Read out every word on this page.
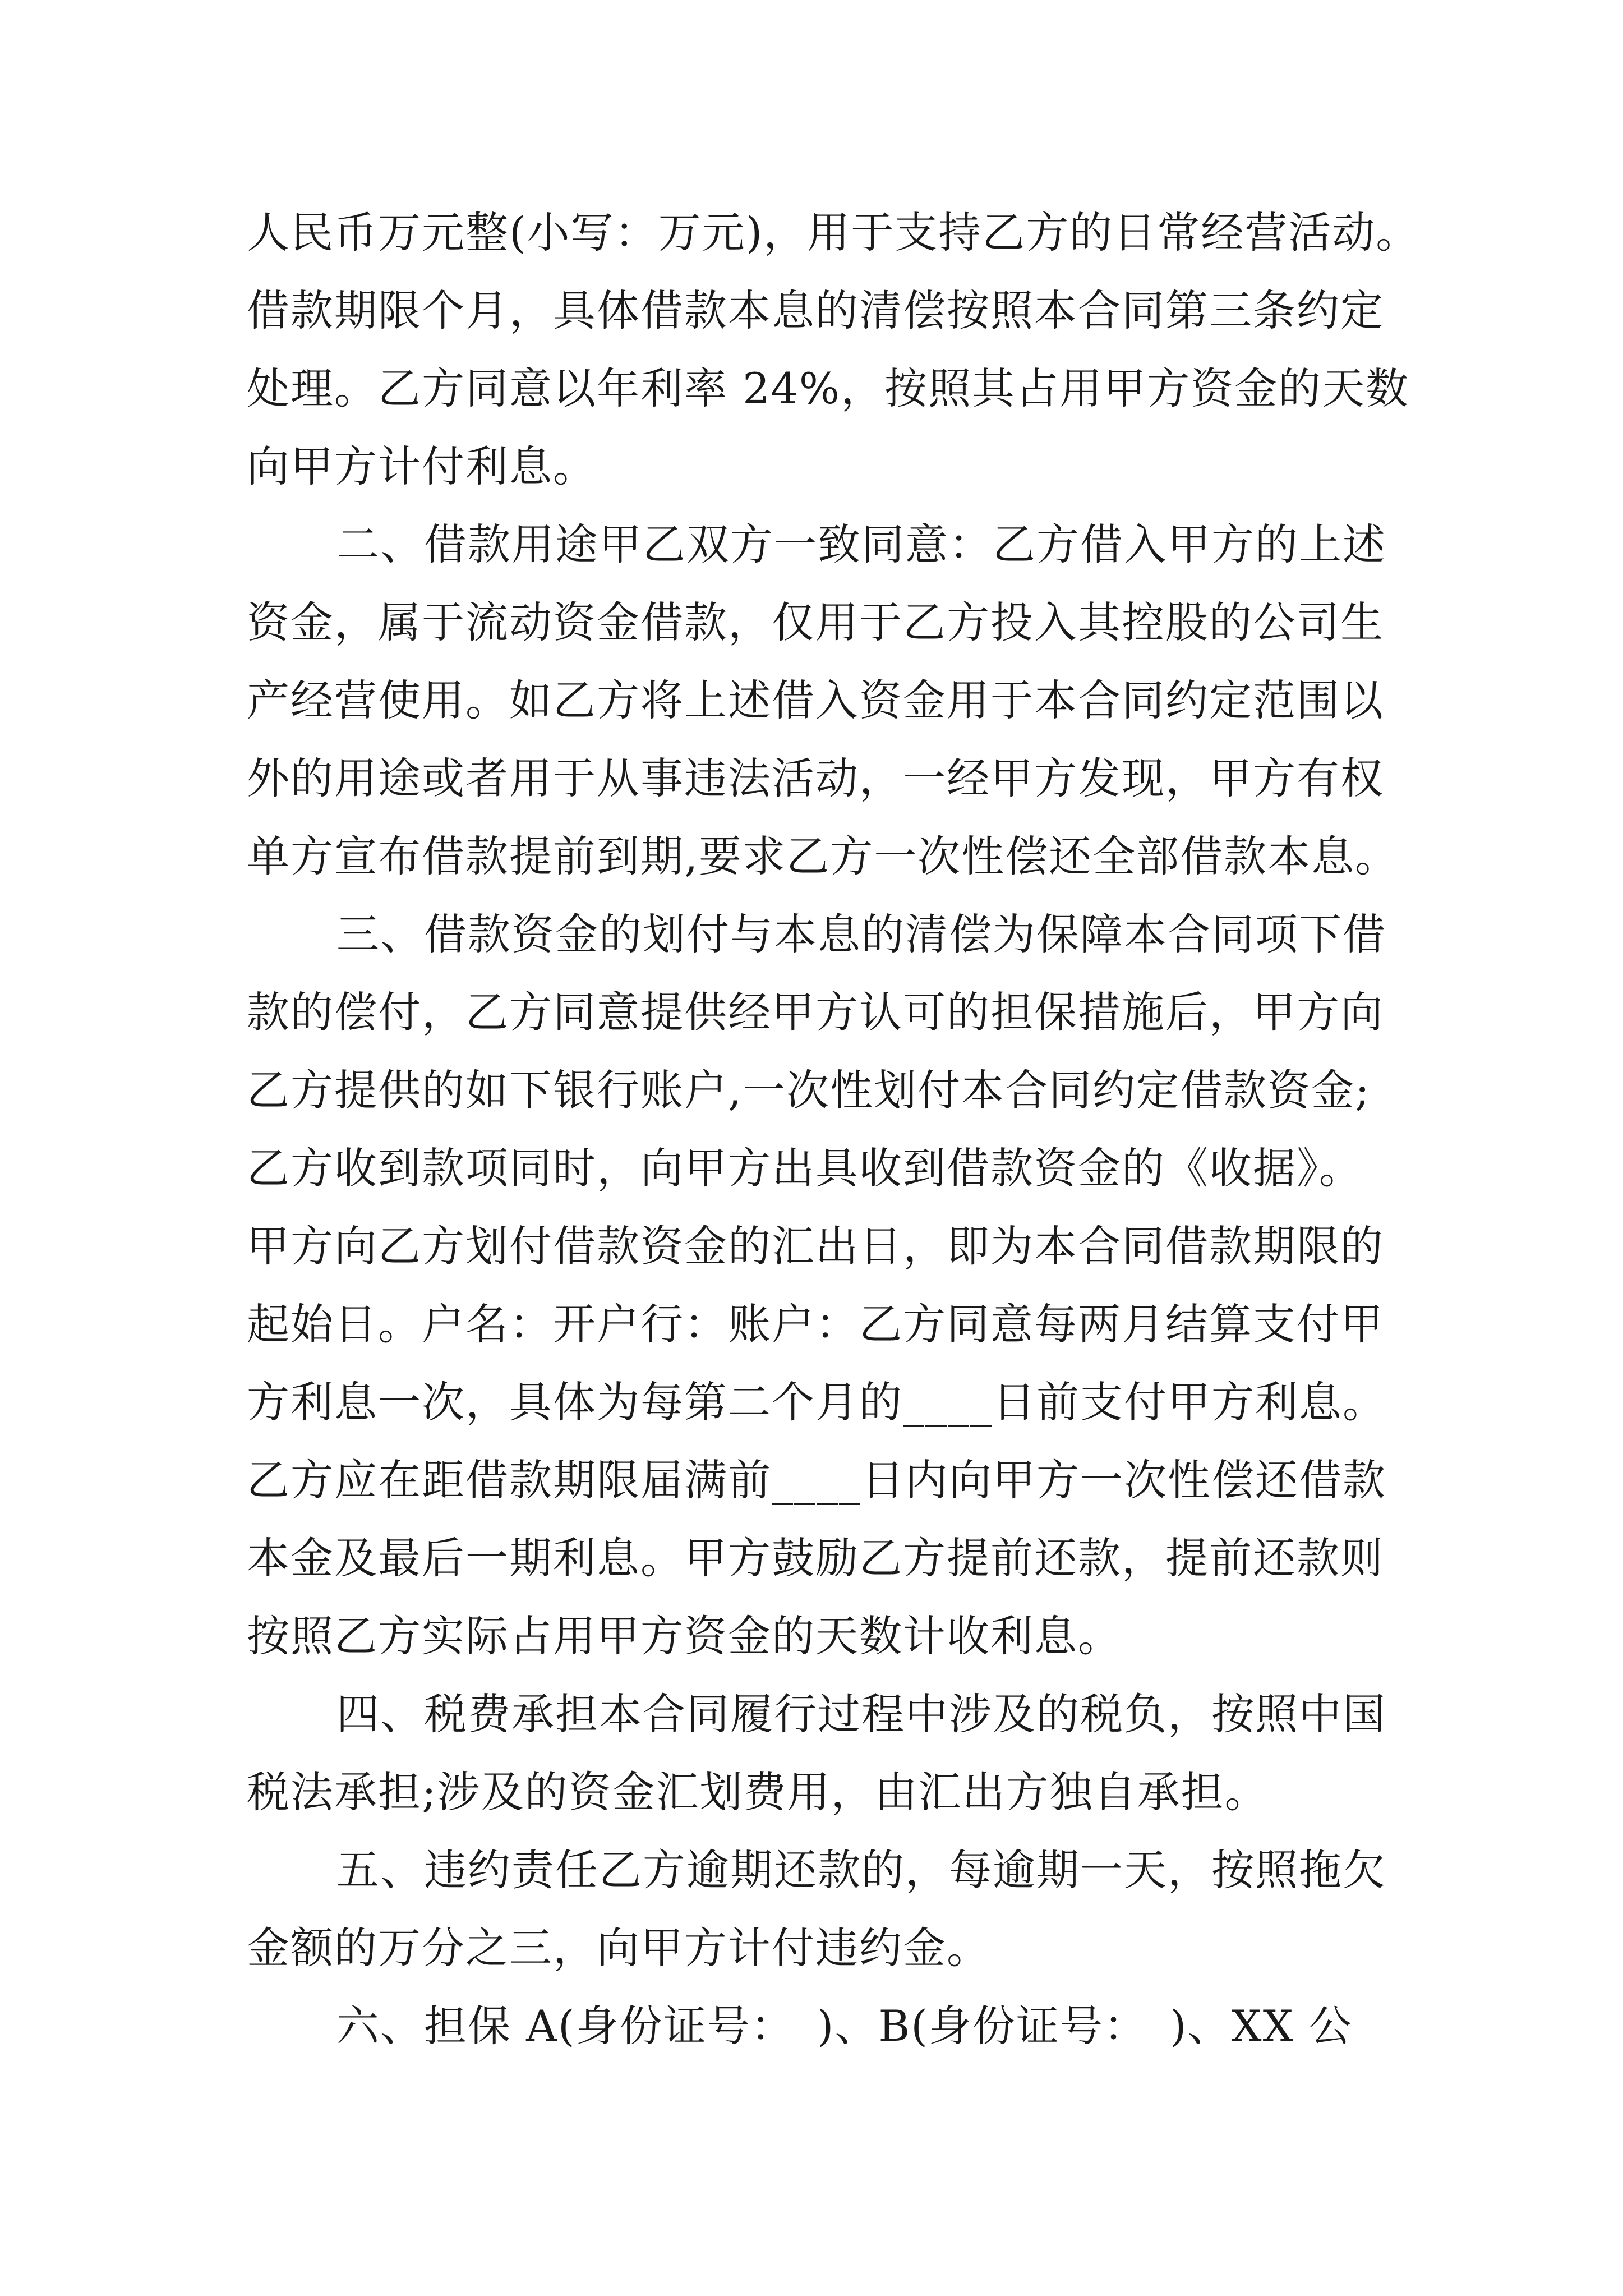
人民币万元整(小写：万元)，用于支持乙方的日常经营活动。
借款期限个月，具体借款本息的清偿按照本合同第三条约定
处理。乙方同意以年利率 24%，按照其占用甲方资金的天数
向甲方计付利息。
二、借款用途甲乙双方一致同意：乙方借入甲方的上述
资金，属于流动资金借款，仅用于乙方投入其控股的公司生
产经营使用。如乙方将上述借入资金用于本合同约定范围以
外的用途或者用于从事违法活动，一经甲方发现，甲方有权
单方宣布借款提前到期,要求乙方一次性偿还全部借款本息。
三、借款资金的划付与本息的清偿为保障本合同项下借
款的偿付，乙方同意提供经甲方认可的担保措施后，甲方向
乙方提供的如下银行账户,一次性划付本合同约定借款资金;
乙方收到款项同时，向甲方出具收到借款资金的《收据》。
甲方向乙方划付借款资金的汇出日，即为本合同借款期限的
起始日。户名：开户行：账户：乙方同意每两月结算支付甲
方利息一次，具体为每第二个月的____日前支付甲方利息。
乙方应在距借款期限届满前____日内向甲方一次性偿还借款
本金及最后一期利息。甲方鼓励乙方提前还款，提前还款则
按照乙方实际占用甲方资金的天数计收利息。
四、税费承担本合同履行过程中涉及的税负，按照中国
税法承担;涉及的资金汇划费用，由汇出方独自承担。
五、违约责任乙方逾期还款的，每逾期一天，按照拖欠
金额的万分之三，向甲方计付违约金。
六、担保 A(身份证号：　)、B(身份证号：　)、XX 公
